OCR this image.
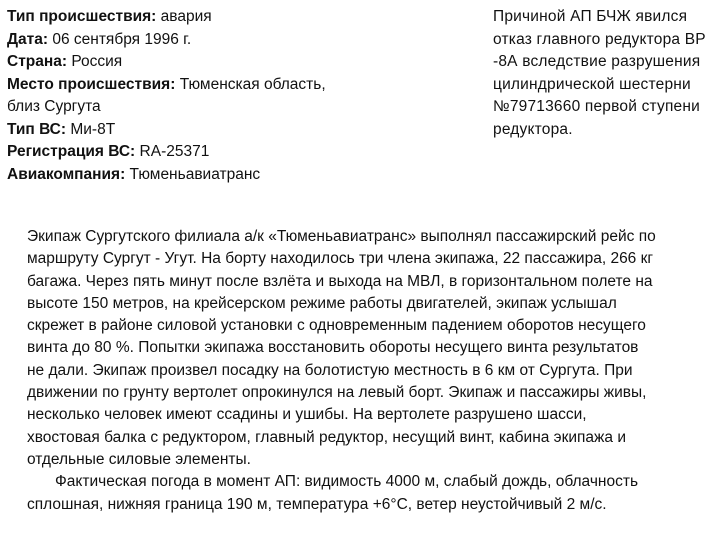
Тип происшествия: авария
Дата: 06 сентября 1996 г.
Страна: Россия
Место происшествия: Тюменская область,
близ Сургута
Тип ВС: Ми-8Т
Регистрация ВС: RA-25371
Авиакомпания: Тюменьавиатранс
Причиной АП БЧЖ явился
отказ главного редуктора ВР
-8А вследствие разрушения
цилиндрической шестерни
№79713660 первой ступени
редуктора.
Экипаж Сургутского филиала а/к «Тюменьавиатранс» выполнял пассажирский рейс по
маршруту Сургут - Угут. На борту находилось три члена экипажа, 22 пассажира, 266 кг
багажа. Через пять минут после взлёта и выхода на МВЛ, в горизонтальном полете на
высоте 150 метров, на крейсерском режиме работы двигателей, экипаж услышал
скрежет в районе силовой установки с одновременным падением оборотов несущего
винта до 80 %. Попытки экипажа восстановить обороты несущего винта результатов
не дали. Экипаж произвел посадку на болотистую местность в 6 км от Сургута. При
движении по грунту вертолет опрокинулся на левый борт. Экипаж и пассажиры живы,
несколько человек имеют ссадины и ушибы. На вертолете разрушено шасси,
хвостовая балка с редуктором, главный редуктор, несущий винт, кабина экипажа и
отдельные силовые элементы.
Фактическая погода в момент АП: видимость 4000 м, слабый дождь, облачность
сплошная, нижняя граница 190 м, температура +6°С, ветер неустойчивый 2 м/с.
